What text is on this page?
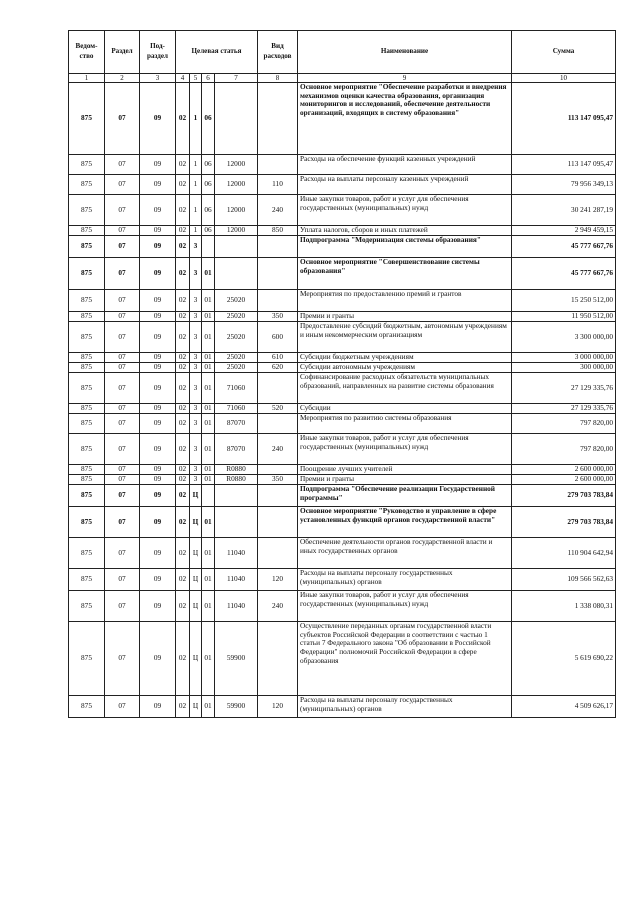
Ведом-ство	Раздел	Под-раздел	Целевая статья				Вид расходов	Наименование	Сумма
1	2	3	4	5	6	7	8	9	10
875	07	09	02	1	06			Основное мероприятие "Обеспечение разработки и внедрения механизмов оценки качества образования, организация мониторингов и исследований, обеспечение деятельности организаций, входящих в систему образования"	113 147 095,47
875	07	09	02	1	06	12000		Расходы на обеспечение функций казенных учреждений	113 147 095,47
875	07	09	02	1	06	12000	110	Расходы на выплаты персоналу казенных учреждений	79 956 349,13
875	07	09	02	1	06	12000	240	Иные закупки товаров, работ и услуг для обеспечения государственных (муниципальных) нужд	30 241 287,19
875	07	09	02	1	06	12000	850	Уплата налогов, сборов и иных платежей	2 949 459,15
875	07	09	02	3				Подпрограмма "Модернизация системы образования"	45 777 667,76
875	07	09	02	3	01			Основное мероприятие "Совершенствование системы образования"	45 777 667,76
875	07	09	02	3	01	25020		Мероприятия по предоставлению премий и грантов	15 250 512,00
875	07	09	02	3	01	25020	350	Премии и гранты	11 950 512,00
875	07	09	02	3	01	25020	600	Предоставление субсидий бюджетным, автономным учреждениям и иным некоммерческим организациям	3 300 000,00
875	07	09	02	3	01	25020	610	Субсидии бюджетным учреждениям	3 000 000,00
875	07	09	02	3	01	25020	620	Субсидии автономным учреждениям	300 000,00
875	07	09	02	3	01	71060		Софинансирование расходных обязательств муниципальных образований, направленных на развитие системы образования	27 129 335,76
875	07	09	02	3	01	71060	520	Субсидии	27 129 335,76
875	07	09	02	3	01	87070		Мероприятия по развитию системы образования	797 820,00
875	07	09	02	3	01	87070	240	Иные закупки товаров, работ и услуг для обеспечения государственных (муниципальных) нужд	797 820,00
875	07	09	02	3	01	R0880		Поощрение лучших учителей	2 600 000,00
875	07	09	02	3	01	R0880	350	Премии и гранты	2 600 000,00
875	07	09	02	Ц				Подпрограмма "Обеспечение реализации Государственной программы"	279 703 783,84
875	07	09	02	Ц	01			Основное мероприятие "Руководство и управление в сфере установленных функций органов государственной власти"	279 703 783,84
875	07	09	02	Ц	01	11040		Обеспечение деятельности органов государственной власти и иных государственных органов	110 904 642,94
875	07	09	02	Ц	01	11040	120	Расходы на выплаты персоналу государственных (муниципальных) органов	109 566 562,63
875	07	09	02	Ц	01	11040	240	Иные закупки товаров, работ и услуг для обеспечения государственных (муниципальных) нужд	1 338 080,31
875	07	09	02	Ц	01	59900		Осуществление переданных органам государственной власти субъектов Российской Федерации в соответствии с частью 1 статьи 7 Федерального закона "Об образовании в Российской Федерации" полномочий Российской Федерации в сфере образования	5 619 690,22
875	07	09	02	Ц	01	59900	120	Расходы на выплаты персоналу государственных (муниципальных) органов	4 509 626,17
